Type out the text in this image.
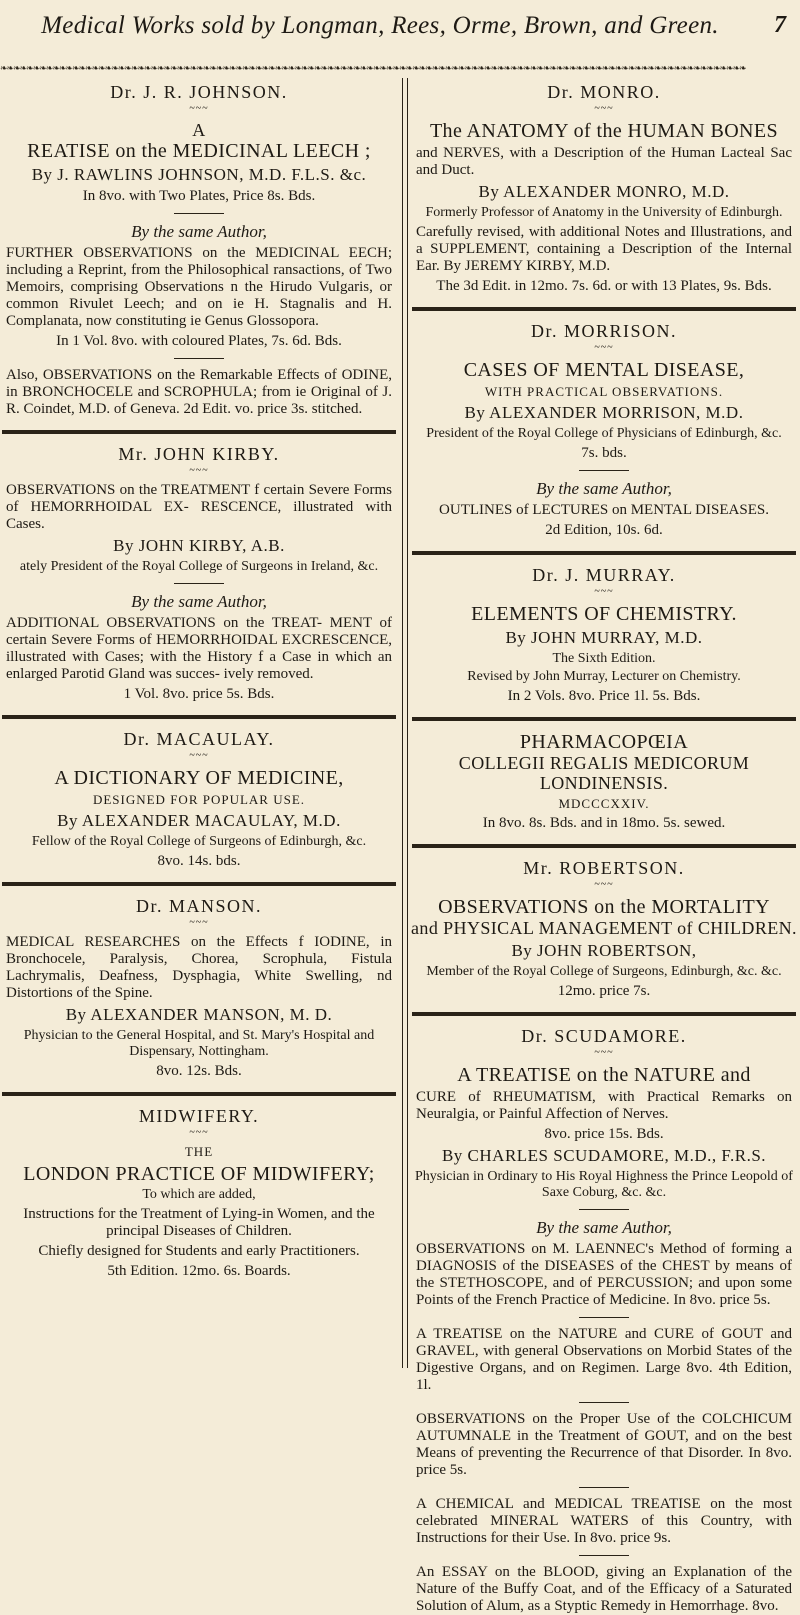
Medical Works sold by Longman, Rees, Orme, Brown, and Green.	7
❧❧❧❧❧❧❧❧❧❧❧❧❧❧❧❧❧❧❧❧❧❧❧❧❧❧❧❧❧❧❧❧❧❧❧❧❧❧❧❧❧❧❧❧❧❧❧❧❧❧❧❧❧❧❧❧❧❧❧❧❧❧❧❧❧❧❧❧❧❧❧❧❧❧❧❧❧❧❧❧❧❧❧❧❧❧❧❧❧❧❧❧❧❧❧❧❧❧❧❧❧❧❧❧❧❧❧❧❧❧❧❧❧❧
Dr. J. R. JOHNSON.
~~~
A
REATISE on the MEDICINAL LEECH ;
By J. RAWLINS JOHNSON, M.D. F.L.S. &c.
In 8vo. with Two Plates, Price 8s. Bds.
By the same Author,
FURTHER OBSERVATIONS on the MEDICINAL EECH; including a Reprint, from the Philosophical ransactions, of Two Memoirs, comprising Observations n the Hirudo Vulgaris, or common Rivulet Leech; and on ie H. Stagnalis and H. Complanata, now constituting ie Genus Glossopora.
In 1 Vol. 8vo. with coloured Plates, 7s. 6d. Bds.
Also, OBSERVATIONS on the Remarkable Effects of ODINE, in BRONCHOCELE and SCROPHULA; from ie Original of J. R. Coindet, M.D. of Geneva. 2d Edit. vo. price 3s. stitched.
Mr. JOHN KIRBY.
~~~
OBSERVATIONS on the TREATMENT f certain Severe Forms of HEMORRHOIDAL EX- RESCENCE, illustrated with Cases.
By JOHN KIRBY, A.B.
ately President of the Royal College of Surgeons in Ireland, &c.
By the same Author,
ADDITIONAL OBSERVATIONS on the TREAT- MENT of certain Severe Forms of HEMORRHOIDAL EXCRESCENCE, illustrated with Cases; with the History f a Case in which an enlarged Parotid Gland was succes- ively removed.
1 Vol. 8vo. price 5s. Bds.
Dr. MACAULAY.
~~~
A DICTIONARY OF MEDICINE,
DESIGNED FOR POPULAR USE.
By ALEXANDER MACAULAY, M.D.
Fellow of the Royal College of Surgeons of Edinburgh, &c.
8vo. 14s. bds.
Dr. MANSON.
~~~
MEDICAL RESEARCHES on the Effects f IODINE, in Bronchocele, Paralysis, Chorea, Scrophula, Fistula Lachrymalis, Deafness, Dysphagia, White Swelling, nd Distortions of the Spine.
By ALEXANDER MANSON, M. D.
Physician to the General Hospital, and St. Mary's Hospital and Dispensary, Nottingham.
8vo. 12s. Bds.
MIDWIFERY.
~~~
THE
LONDON PRACTICE OF MIDWIFERY;
To which are added,
Instructions for the Treatment of Lying-in Women, and the principal Diseases of Children.
Chiefly designed for Students and early Practitioners.
5th Edition. 12mo. 6s. Boards.
Dr. MONRO.
~~~
The ANATOMY of the HUMAN BONES
and NERVES, with a Description of the Human Lacteal Sac and Duct.
By ALEXANDER MONRO, M.D.
Formerly Professor of Anatomy in the University of Edinburgh.
Carefully revised, with additional Notes and Illustrations, and a SUPPLEMENT, containing a Description of the Internal Ear. By JEREMY KIRBY, M.D.
The 3d Edit. in 12mo. 7s. 6d. or with 13 Plates, 9s. Bds.
Dr. MORRISON.
~~~
CASES OF MENTAL DISEASE,
WITH PRACTICAL OBSERVATIONS.
By ALEXANDER MORRISON, M.D.
President of the Royal College of Physicians of Edinburgh, &c.
7s. bds.
By the same Author,
OUTLINES of LECTURES on MENTAL DISEASES.
2d Edition, 10s. 6d.
Dr. J. MURRAY.
~~~
ELEMENTS OF CHEMISTRY.
By JOHN MURRAY, M.D.
The Sixth Edition.
Revised by John Murray, Lecturer on Chemistry.
In 2 Vols. 8vo. Price 1l. 5s. Bds.
PHARMACOPŒIA
COLLEGII REGALIS MEDICORUM LONDINENSIS.
MDCCCXXIV.
In 8vo. 8s. Bds. and in 18mo. 5s. sewed.
Mr. ROBERTSON.
~~~
OBSERVATIONS on the MORTALITY
and PHYSICAL MANAGEMENT of CHILDREN.
By JOHN ROBERTSON,
Member of the Royal College of Surgeons, Edinburgh, &c. &c.
12mo. price 7s.
Dr. SCUDAMORE.
~~~
A TREATISE on the NATURE and
CURE of RHEUMATISM, with Practical Remarks on Neuralgia, or Painful Affection of Nerves.
8vo. price 15s. Bds.
By CHARLES SCUDAMORE, M.D., F.R.S.
Physician in Ordinary to His Royal Highness the Prince Leopold of Saxe Coburg, &c. &c.
By the same Author,
OBSERVATIONS on M. LAENNEC's Method of forming a DIAGNOSIS of the DISEASES of the CHEST by means of the STETHOSCOPE, and of PERCUSSION; and upon some Points of the French Practice of Medicine. In 8vo. price 5s.
A TREATISE on the NATURE and CURE of GOUT and GRAVEL, with general Observations on Morbid States of the Digestive Organs, and on Regimen. Large 8vo. 4th Edition, 1l.
OBSERVATIONS on the Proper Use of the COLCHICUM AUTUMNALE in the Treatment of GOUT, and on the best Means of preventing the Recurrence of that Disorder. In 8vo. price 5s.
A CHEMICAL and MEDICAL TREATISE on the most celebrated MINERAL WATERS of this Country, with Instructions for their Use. In 8vo. price 9s.
An ESSAY on the BLOOD, giving an Explanation of the Nature of the Buffy Coat, and of the Efficacy of a Saturated Solution of Alum, as a Styptic Remedy in Hemorrhage. 8vo.
